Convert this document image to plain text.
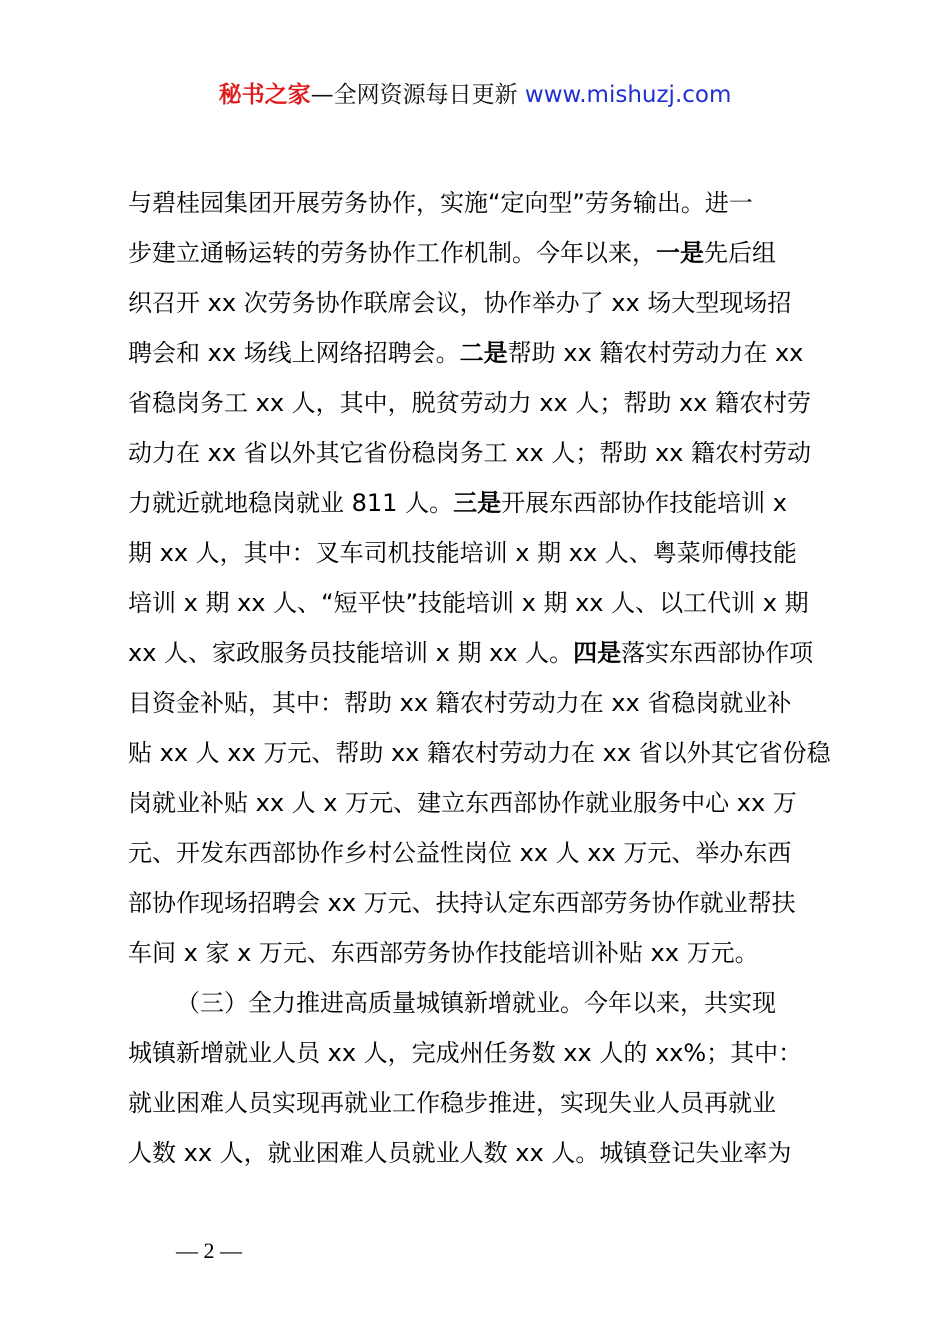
秘书之家—全网资源每日更新 www.mishuzj.com
与碧桂园集团开展劳务协作，实施“定向型”劳务输出。进一
步建立通畅运转的劳务协作工作机制。今年以来，一是先后组
织召开 xx 次劳务协作联席会议，协作举办了 xx 场大型现场招
聘会和 xx 场线上网络招聘会。二是帮助 xx 籍农村劳动力在 xx
省稳岗务工 xx 人，其中，脱贫劳动力 xx 人；帮助 xx 籍农村劳
动力在 xx 省以外其它省份稳岗务工 xx 人；帮助 xx 籍农村劳动
力就近就地稳岗就业 811 人。三是开展东西部协作技能培训 x
期 xx 人，其中：叉车司机技能培训 x 期 xx 人、粤菜师傅技能
培训 x 期 xx 人、“短平快”技能培训 x 期 xx 人、以工代训 x 期
xx 人、家政服务员技能培训 x 期 xx 人。四是落实东西部协作项
目资金补贴，其中：帮助 xx 籍农村劳动力在 xx 省稳岗就业补
贴 xx 人 xx 万元、帮助 xx 籍农村劳动力在 xx 省以外其它省份稳
岗就业补贴 xx 人 x 万元、建立东西部协作就业服务中心 xx 万
元、开发东西部协作乡村公益性岗位 xx 人 xx 万元、举办东西
部协作现场招聘会 xx 万元、扶持认定东西部劳务协作就业帮扶
车间 x 家 x 万元、东西部劳务协作技能培训补贴 xx 万元。
（三）全力推进高质量城镇新增就业。今年以来，共实现
城镇新增就业人员 xx 人，完成州任务数 xx 人的 xx%；其中：
就业困难人员实现再就业工作稳步推进，实现失业人员再就业
人数 xx 人，就业困难人员就业人数 xx 人。城镇登记失业率为
— 2 —
